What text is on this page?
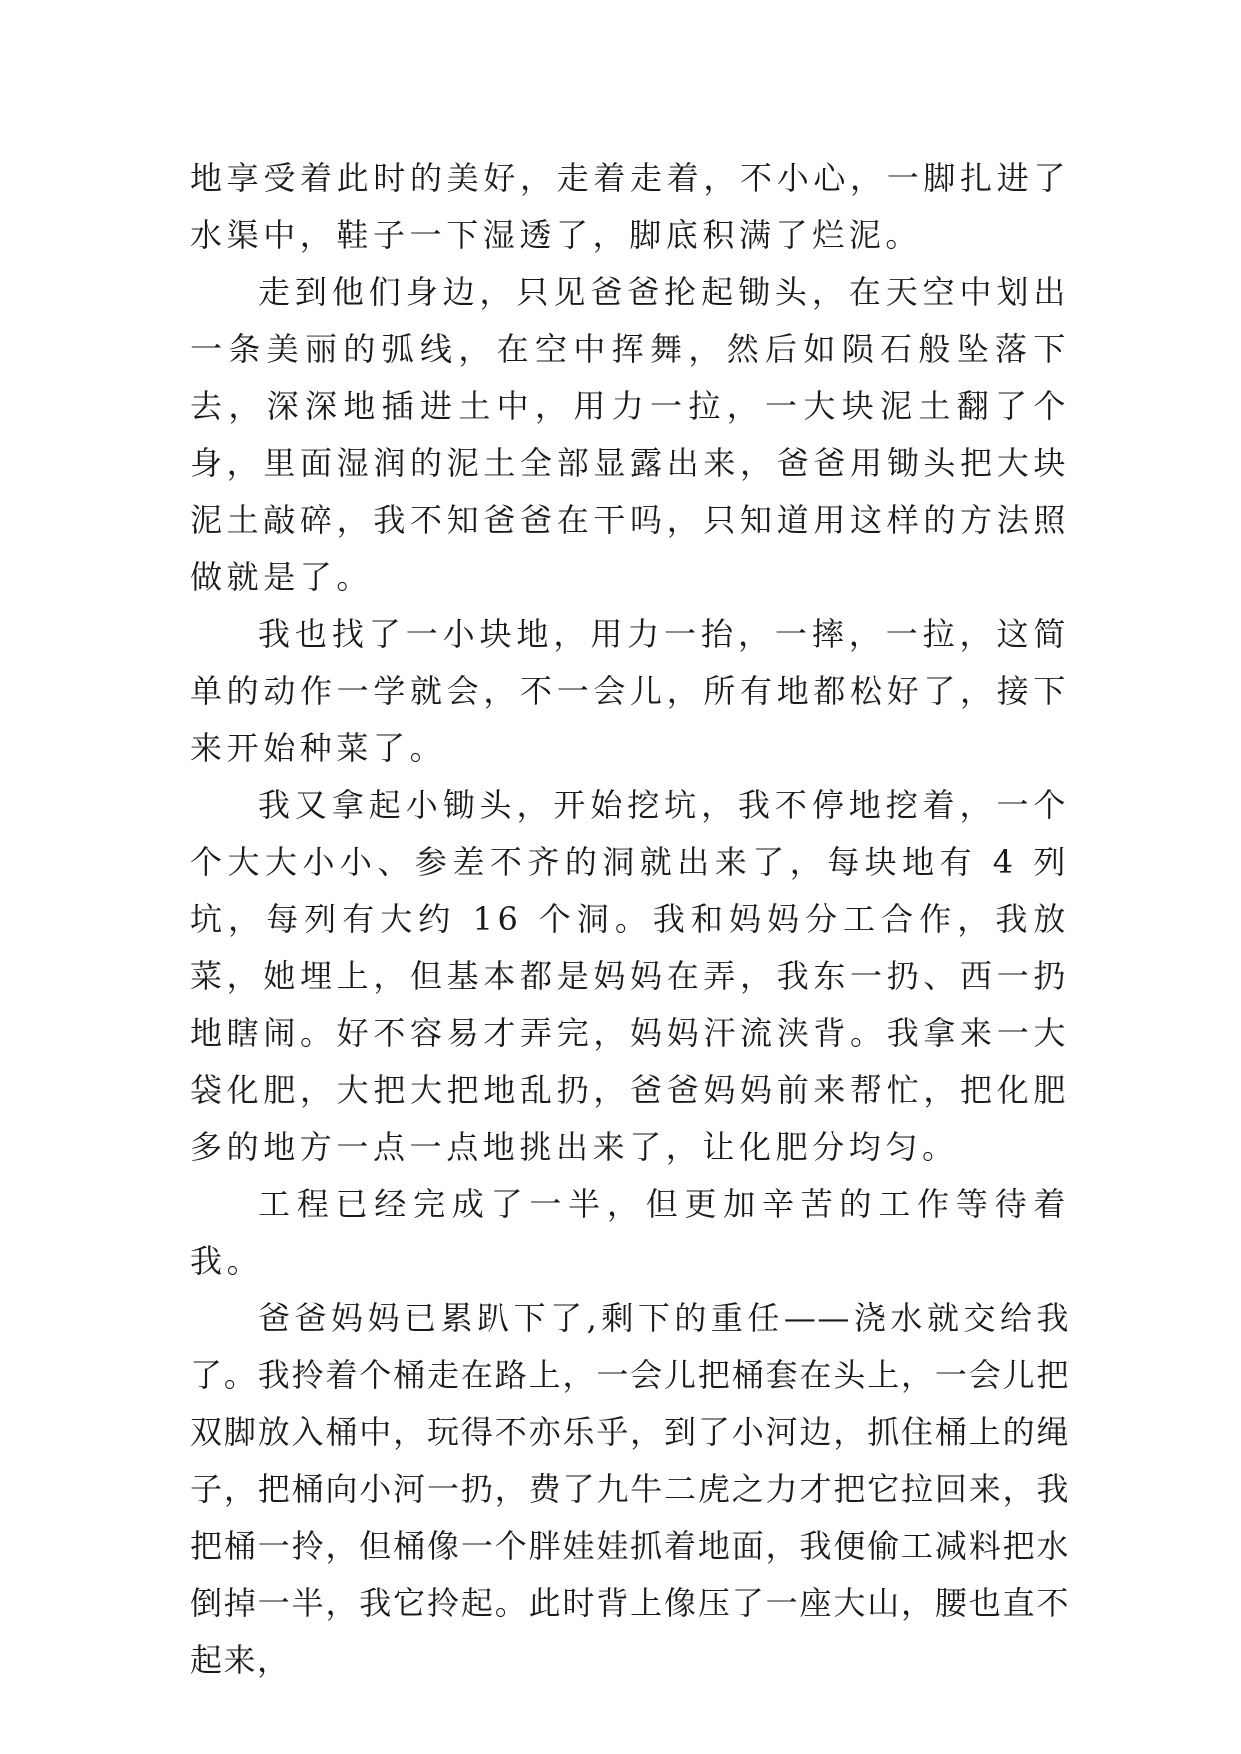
地享受着此时的美好，走着走着，不小心，一脚扎进了水渠中，鞋子一下湿透了，脚底积满了烂泥。

走到他们身边，只见爸爸抡起锄头，在天空中划出一条美丽的弧线，在空中挥舞，然后如陨石般坠落下去，深深地插进土中，用力一拉，一大块泥土翻了个身，里面湿润的泥土全部显露出来，爸爸用锄头把大块泥土敲碎，我不知爸爸在干吗，只知道用这样的方法照做就是了。

我也找了一小块地，用力一抬，一摔，一拉，这简单的动作一学就会，不一会儿，所有地都松好了，接下来开始种菜了。

我又拿起小锄头，开始挖坑，我不停地挖着，一个个大大小小、参差不齐的洞就出来了，每块地有 4 列坑，每列有大约 16 个洞。我和妈妈分工合作，我放菜，她埋上，但基本都是妈妈在弄，我东一扔、西一扔地瞎闹。好不容易才弄完，妈妈汗流浃背。我拿来一大袋化肥，大把大把地乱扔，爸爸妈妈前来帮忙，把化肥多的地方一点一点地挑出来了，让化肥分均匀。

工程已经完成了一半，但更加辛苦的工作等待着我。

爸爸妈妈已累趴下了,剩下的重任——浇水就交给我了。我拎着个桶走在路上，一会儿把桶套在头上，一会儿把双脚放入桶中，玩得不亦乐乎，到了小河边，抓住桶上的绳子，把桶向小河一扔，费了九牛二虎之力才把它拉回来，我把桶一拎，但桶像一个胖娃娃抓着地面，我便偷工减料把水倒掉一半，我它拎起。此时背上像压了一座大山，腰也直不起来，
